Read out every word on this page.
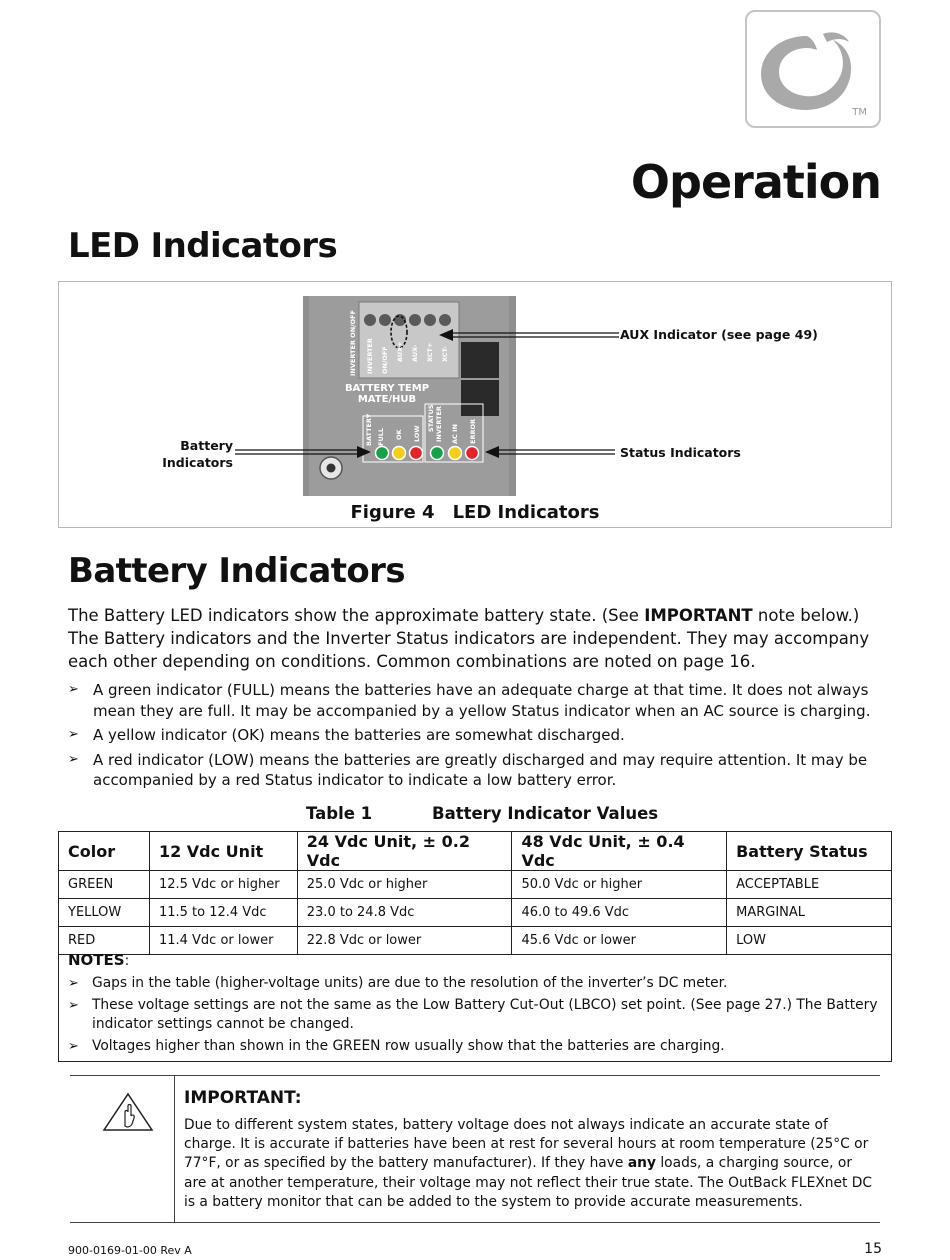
TM
Operation
LED Indicators
INVERTER ON/OFF INVERTER ON/OFF AUX+ AUX- XCT+ XCT-
BATTERY TEMP
MATE/HUB
BATTERY FULL OK LOW
STATUS INVERTER AC IN ERROR
AUX Indicator (see page 49)
Battery
Indicators
Status Indicators
Figure 4 LED Indicators
Battery Indicators
The Battery LED indicators show the approximate battery state. (See IMPORTANT note below.) The Battery indicators and the Inverter Status indicators are independent. They may accompany each other depending on conditions. Common combinations are noted on page 16.
➢ A green indicator (FULL) means the batteries have an adequate charge at that time. It does not always mean they are full. It may be accompanied by a yellow Status indicator when an AC source is charging.
➢ A yellow indicator (OK) means the batteries are somewhat discharged.
➢ A red indicator (LOW) means the batteries are greatly discharged and may require attention. It may be accompanied by a red Status indicator to indicate a low battery error.
Table 1	Battery Indicator Values
Color	12 Vdc Unit	24 Vdc Unit, ± 0.2 Vdc	48 Vdc Unit, ± 0.4 Vdc	Battery Status
GREEN	12.5 Vdc or higher	25.0 Vdc or higher	50.0 Vdc or higher	ACCEPTABLE
YELLOW	11.5 to 12.4 Vdc	23.0 to 24.8 Vdc	46.0 to 49.6 Vdc	MARGINAL
RED	11.4 Vdc or lower	22.8 Vdc or lower	45.6 Vdc or lower	LOW
NOTES:
➢ Gaps in the table (higher-voltage units) are due to the resolution of the inverter’s DC meter.
➢ These voltage settings are not the same as the Low Battery Cut-Out (LBCO) set point. (See page 27.) The Battery indicator settings cannot be changed.
➢ Voltages higher than shown in the GREEN row usually show that the batteries are charging.
IMPORTANT:
Due to different system states, battery voltage does not always indicate an accurate state of charge. It is accurate if batteries have been at rest for several hours at room temperature (25°C or 77°F, or as specified by the battery manufacturer). If they have any loads, a charging source, or are at another temperature, their voltage may not reflect their true state. The OutBack FLEXnet DC is a battery monitor that can be added to the system to provide accurate measurements.
900-0169-01-00 Rev A	15
